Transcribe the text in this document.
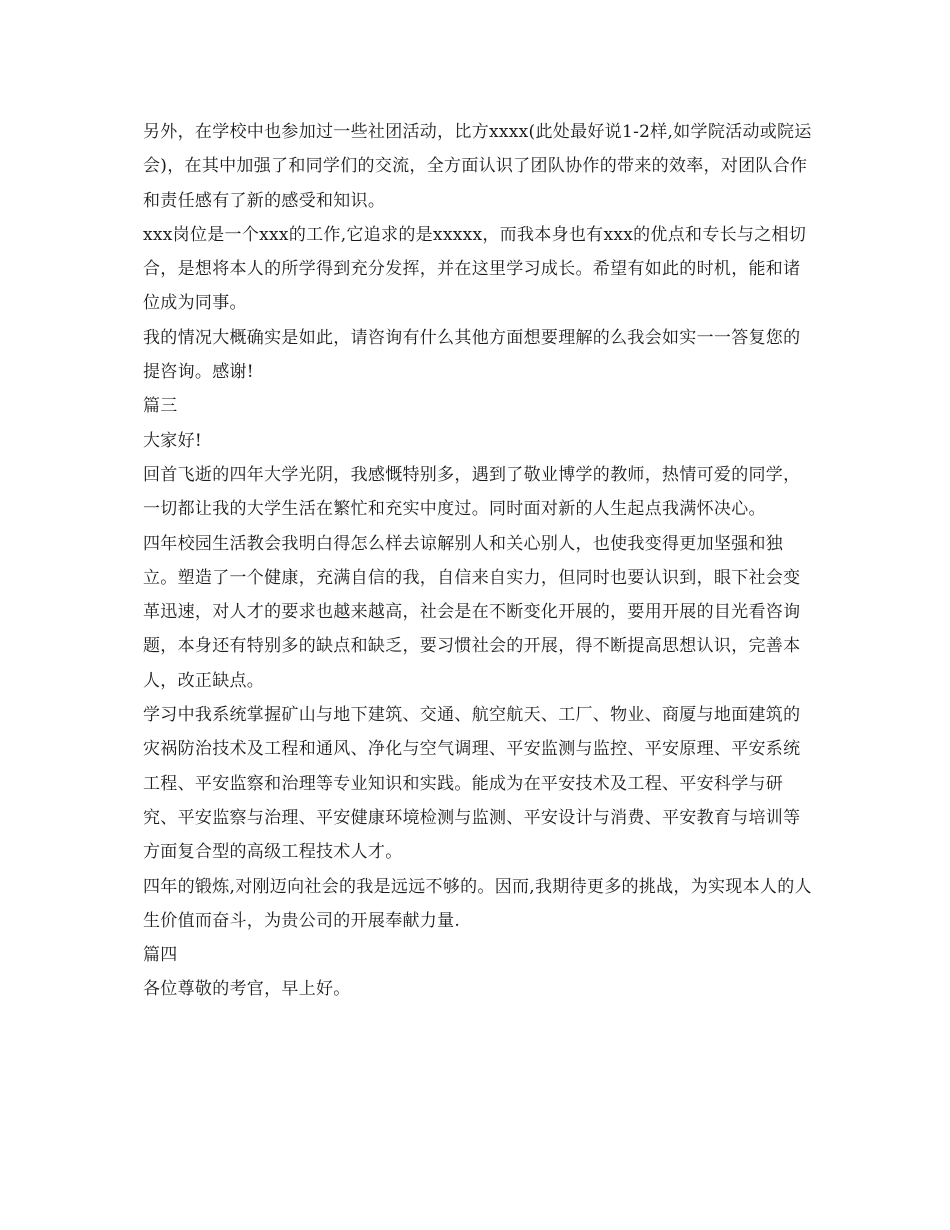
另外，在学校中也参加过一些社团活动，比方xxxx(此处最好说1-2样,如学院活动或院运会)，在其中加强了和同学们的交流，全方面认识了团队协作的带来的效率，对团队合作和责任感有了新的感受和知识。

xxx岗位是一个xxx的工作,它追求的是xxxxx，而我本身也有xxx的优点和专长与之相切合，是想将本人的所学得到充分发挥，并在这里学习成长。希望有如此的时机，能和诸位成为同事。

我的情况大概确实是如此，请咨询有什么其他方面想要理解的么我会如实一一答复您的提咨询。感谢!

篇三

大家好!

回首飞逝的四年大学光阴，我感慨特别多，遇到了敬业博学的教师，热情可爱的同学，一切都让我的大学生活在繁忙和充实中度过。同时面对新的人生起点我满怀决心。

四年校园生活教会我明白得怎么样去谅解别人和关心别人，也使我变得更加坚强和独立。塑造了一个健康，充满自信的我，自信来自实力，但同时也要认识到，眼下社会变革迅速，对人才的要求也越来越高，社会是在不断变化开展的，要用开展的目光看咨询题，本身还有特别多的缺点和缺乏，要习惯社会的开展，得不断提高思想认识，完善本人，改正缺点。

学习中我系统掌握矿山与地下建筑、交通、航空航天、工厂、物业、商厦与地面建筑的灾祸防治技术及工程和通风、净化与空气调理、平安监测与监控、平安原理、平安系统工程、平安监察和治理等专业知识和实践。能成为在平安技术及工程、平安科学与研究、平安监察与治理、平安健康环境检测与监测、平安设计与消费、平安教育与培训等方面复合型的高级工程技术人才。

四年的锻炼,对刚迈向社会的我是远远不够的。因而,我期待更多的挑战，为实现本人的人生价值而奋斗，为贵公司的开展奉献力量.

篇四

各位尊敬的考官，早上好。
